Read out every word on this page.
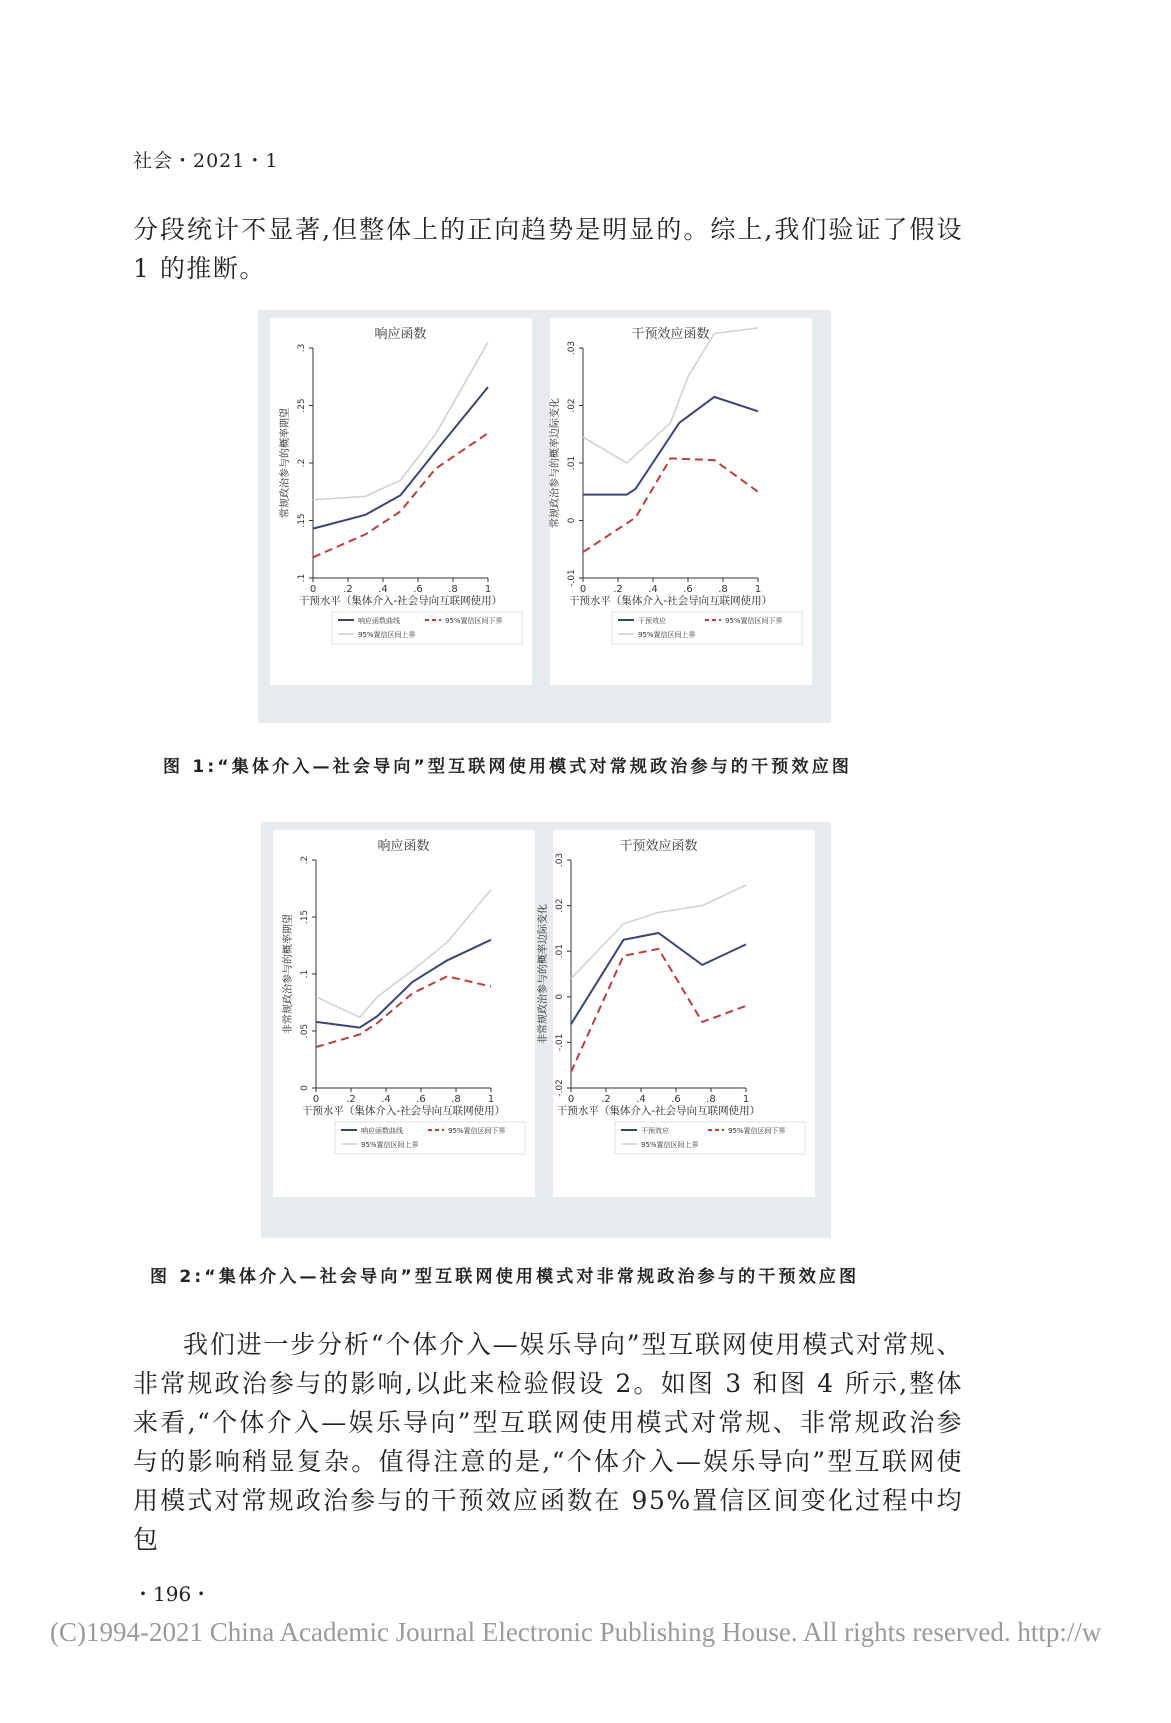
社会・2021・1
分段统计不显著,但整体上的正向趋势是明显的。综上,我们验证了假设 1 的推断。
响应函数
.1
.15
.2
.25
.3
0	.2	.4	.6	.8	1
干预水平（集体介入-社会导向互联网使用）
常规政治参与的概率期望
响应函数曲线	95%置信区间下界
95%置信区间上界
干预效应函数
-.01
0
.01
.02
.03
0	.2	.4	.6	.8	1
干预水平（集体介入-社会导向互联网使用）
常规政治参与的概率边际变化
干预效应	95%置信区间下界
95%置信区间上界
图 1:“集体介入—社会导向”型互联网使用模式对常规政治参与的干预效应图
响应函数
0
.05
.1
.15
.2
0	.2	.4	.6	.8	1
干预水平（集体介入-社会导向互联网使用）
非常规政治参与的概率期望
响应函数曲线	95%置信区间下界
95%置信区间上界
干预效应函数
-.02
-.01
0
.01
.02
.03
0	.2	.4	.6	.8	1
干预水平（集体介入-社会导向互联网使用）
非常规政治参与的概率边际变化
干预效应	95%置信区间下界
95%置信区间上界
图 2:“集体介入—社会导向”型互联网使用模式对非常规政治参与的干预效应图
我们进一步分析“个体介入—娱乐导向”型互联网使用模式对常规、非常规政治参与的影响,以此来检验假设 2。如图 3 和图 4 所示,整体来看,“个体介入—娱乐导向”型互联网使用模式对常规、非常规政治参与的影响稍显复杂。值得注意的是,“个体介入—娱乐导向”型互联网使用模式对常规政治参与的干预效应函数在 95%置信区间变化过程中均包
・196・
(C)1994-2021 China Academic Journal Electronic Publishing House. All rights reserved. http://w
